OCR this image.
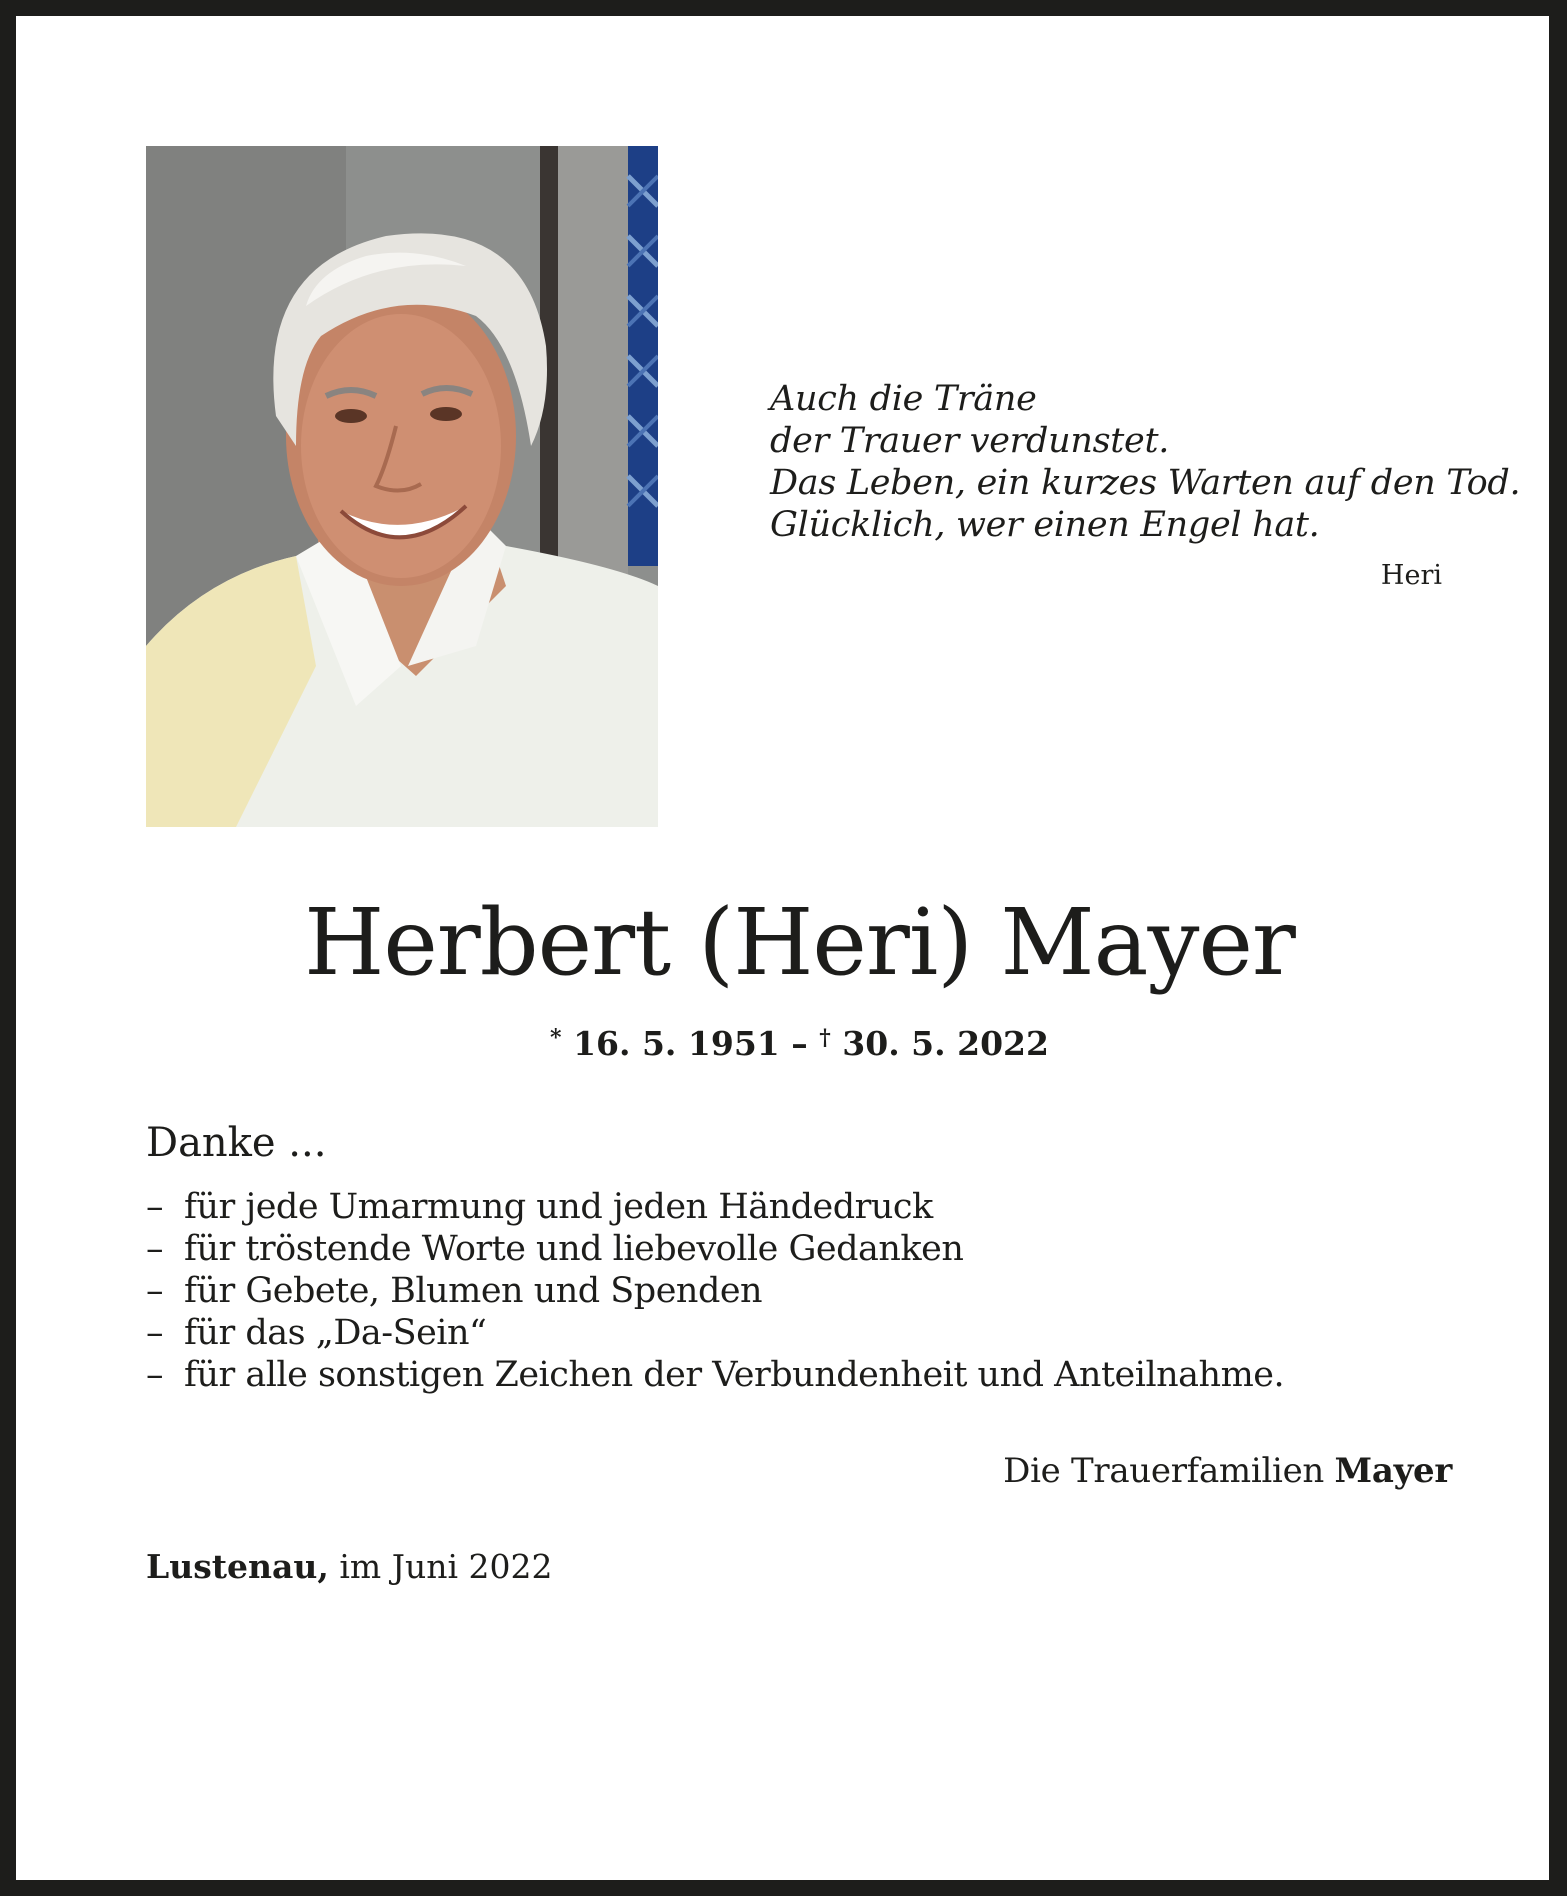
Auch die Träne
der Trauer verdunstet.
Das Leben, ein kurzes Warten auf den Tod.
Glücklich, wer einen Engel hat.
Heri
Herbert (Heri) Mayer
* 16. 5. 1951 – † 30. 5. 2022
Danke ...
– für jede Umarmung und jeden Händedruck
– für tröstende Worte und liebevolle Gedanken
– für Gebete, Blumen und Spenden
– für das „Da-Sein“
– für alle sonstigen Zeichen der Verbundenheit und Anteilnahme.
Die Trauerfamilien Mayer
Lustenau, im Juni 2022
